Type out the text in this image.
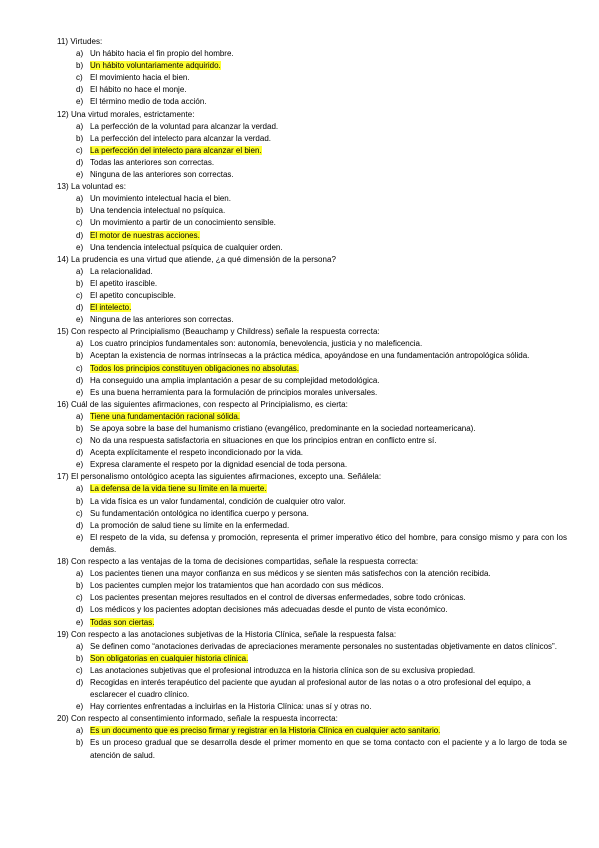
11) Virtudes:
a) Un hábito hacia el fin propio del hombre.
b) Un hábito voluntariamente adquirido.
c) El movimiento hacia el bien.
d) El hábito no hace el monje.
e) El término medio de toda acción.
12) Una virtud morales, estrictamente:
a) La perfección de la voluntad para alcanzar la verdad.
b) La perfección del intelecto para alcanzar la verdad.
c) La perfección del intelecto para alcanzar el bien.
d) Todas las anteriores son correctas.
e) Ninguna de las anteriores son correctas.
13) La voluntad es:
a) Un movimiento intelectual hacia el bien.
b) Una tendencia intelectual no psíquica.
c) Un movimiento a partir de un conocimiento sensible.
d) El motor de nuestras acciones.
e) Una tendencia intelectual psíquica de cualquier orden.
14) La prudencia es una virtud que atiende, ¿a qué dimensión de la persona?
a) La relacionalidad.
b) El apetito irascible.
c) El apetito concupiscible.
d) El intelecto.
e) Ninguna de las anteriores son correctas.
15) Con respecto al Principialismo (Beauchamp y Childress) señale la respuesta correcta:
a) Los cuatro principios fundamentales son: autonomía, benevolencia, justicia y no maleficencia.
b) Aceptan la existencia de normas intrínsecas a la práctica médica, apoyándose en una fundamentación antropológica sólida.
c) Todos los principios constituyen obligaciones no absolutas.
d) Ha conseguido una amplia implantación a pesar de su complejidad metodológica.
e) Es una buena herramienta para la formulación de principios morales universales.
16) Cuál de las siguientes afirmaciones, con respecto al Principialismo, es cierta:
a) Tiene una fundamentación racional sólida.
b) Se apoya sobre la base del humanismo cristiano (evangélico, predominante en la sociedad norteamericana).
c) No da una respuesta satisfactoria en situaciones en que los principios entran en conflicto entre sí.
d) Acepta explícitamente el respeto incondicionado por la vida.
e) Expresa claramente el respeto por la dignidad esencial de toda persona.
17) El personalismo ontológico acepta las siguientes afirmaciones, excepto una. Señálela:
a) La defensa de la vida tiene su límite en la muerte.
b) La vida física es un valor fundamental, condición de cualquier otro valor.
c) Su fundamentación ontológica no identifica cuerpo y persona.
d) La promoción de salud tiene su límite en la enfermedad.
e) El respeto de la vida, su defensa y promoción, representa el primer imperativo ético del hombre, para consigo mismo y para con los demás.
18) Con respecto a las ventajas de la toma de decisiones compartidas, señale la respuesta correcta:
a) Los pacientes tienen una mayor confianza en sus médicos y se sienten más satisfechos con la atención recibida.
b) Los pacientes cumplen mejor los tratamientos que han acordado con sus médicos.
c) Los pacientes presentan mejores resultados en el control de diversas enfermedades, sobre todo crónicas.
d) Los médicos y los pacientes adoptan decisiones más adecuadas desde el punto de vista económico.
e) Todas son ciertas.
19) Con respecto a las anotaciones subjetivas de la Historia Clínica, señale la respuesta falsa:
a) Se definen como “anotaciones derivadas de apreciaciones meramente personales no sustentadas objetivamente en datos clínicos”.
b) Son obligatorias en cualquier historia clínica.
c) Las anotaciones subjetivas que el profesional introduzca en la historia clínica son de su exclusiva propiedad.
d) Recogidas en interés terapéutico del paciente que ayudan al profesional autor de las notas o a otro profesional del equipo, a esclarecer el cuadro clínico.
e) Hay corrientes enfrentadas a incluirlas en la Historia Clínica: unas sí y otras no.
20) Con respecto al consentimiento informado, señale la respuesta incorrecta:
a) Es un documento que es preciso firmar y registrar en la Historia Clínica en cualquier acto sanitario.
b) Es un proceso gradual que se desarrolla desde el primer momento en que se toma contacto con el paciente y a lo largo de toda se atención de salud.
